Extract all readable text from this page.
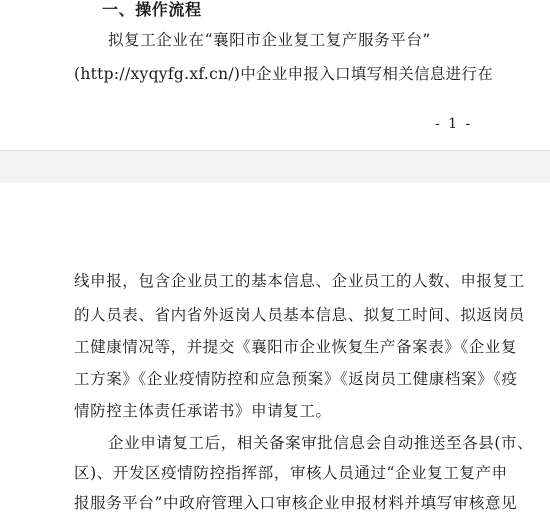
一、操作流程
拟复工企业在“襄阳市企业复工复产服务平台”
(http://xyqyfg.xf.cn/)中企业申报入口填写相关信息进行在
- 1 -
线申报，包含企业员工的基本信息、企业员工的人数、申报复工
的人员表、省内省外返岗人员基本信息、拟复工时间、拟返岗员
工健康情况等，并提交《襄阳市企业恢复生产备案表》《企业复
工方案》《企业疫情防控和应急预案》《返岗员工健康档案》《疫
情防控主体责任承诺书》申请复工。
企业申请复工后，相关备案审批信息会自动推送至各县(市、
区)、开发区疫情防控指挥部，审核人员通过“企业复工复产申
报服务平台”中政府管理入口审核企业申报材料并填写审核意见
